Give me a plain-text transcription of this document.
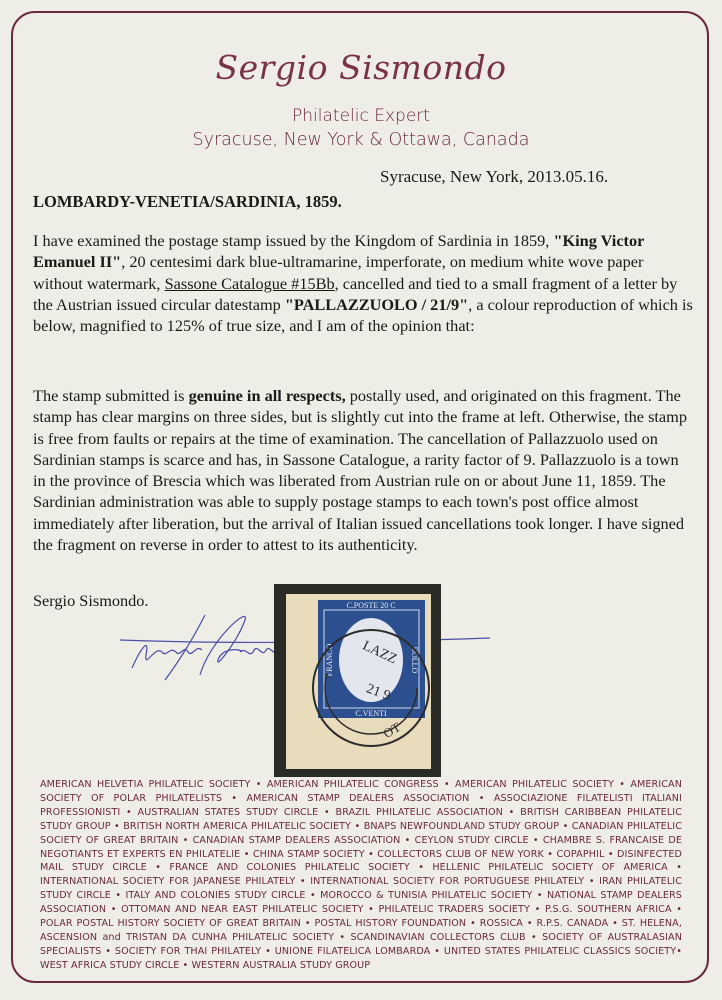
Sergio Sismondo
Philatelic Expert
Syracuse, New York & Ottawa, Canada
Syracuse, New York, 2013.05.16.
LOMBARDY-VENETIA/SARDINIA, 1859.
I have examined the postage stamp issued by the Kingdom of Sardinia in 1859, "King Victor Emanuel II", 20 centesimi dark blue-ultramarine, imperforate, on medium white wove paper without watermark, Sassone Catalogue #15Bb, cancelled and tied to a small fragment of a letter by the Austrian issued circular datestamp "PALLAZZUOLO / 21/9", a colour reproduction of which is below, magnified to 125% of true size, and I am of the opinion that:
The stamp submitted is genuine in all respects, postally used, and originated on this fragment. The stamp has clear margins on three sides, but is slightly cut into the frame at left. Otherwise, the stamp is free from faults or repairs at the time of examination. The cancellation of Pallazzuolo used on Sardinian stamps is scarce and has, in Sassone Catalogue, a rarity factor of 9. Pallazzuolo is a town in the province of Brescia which was liberated from Austrian rule on or about June 11, 1859. The Sardinian administration was able to supply postage stamps to each town's post office almost immediately after liberation, but the arrival of Italian issued cancellations took longer. I have signed the fragment on reverse in order to attest to its authenticity.
Sergio Sismondo.	C.POSTE 20 C
C.VENTI
FRANCO	BOLLO
LAZZ
21 9
OT
AMERICAN HELVETIA PHILATELIC SOCIETY • AMERICAN PHILATELIC CONGRESS • AMERICAN PHILATELIC SOCIETY • AMERICAN SOCIETY OF POLAR PHILATELISTS • AMERICAN STAMP DEALERS ASSOCIATION • ASSOCIAZIONE FILATELISTI ITALIANI PROFESSIONISTI • AUSTRALIAN STATES STUDY CIRCLE • BRAZIL PHILATELIC ASSOCIATION • BRITISH CARIBBEAN PHILATELIC STUDY GROUP • BRITISH NORTH AMERICA PHILATELIC SOCIETY • BNAPS NEWFOUNDLAND STUDY GROUP • CANADIAN PHILATELIC SOCIETY OF GREAT BRITAIN • CANADIAN STAMP DEALERS ASSOCIATION • CEYLON STUDY CIRCLE • CHAMBRE S. FRANCAISE DE NEGOTIANTS ET EXPERTS EN PHILATELIE • CHINA STAMP SOCIETY • COLLECTORS CLUB OF NEW YORK • COPAPHIL • DISINFECTED MAIL STUDY CIRCLE • FRANCE AND COLONIES PHILATELIC SOCIETY • HELLENIC PHILATELIC SOCIETY OF AMERICA • INTERNATIONAL SOCIETY FOR JAPANESE PHILATELY • INTERNATIONAL SOCIETY FOR PORTUGUESE PHILATELY • IRAN PHILATELIC STUDY CIRCLE • ITALY AND COLONIES STUDY CIRCLE • MOROCCO & TUNISIA PHILATELIC SOCIETY • NATIONAL STAMP DEALERS ASSOCIATION • OTTOMAN AND NEAR EAST PHILATELIC SOCIETY • PHILATELIC TRADERS SOCIETY • P.S.G. SOUTHERN AFRICA • POLAR POSTAL HISTORY SOCIETY OF GREAT BRITAIN • POSTAL HISTORY FOUNDATION • ROSSICA • R.P.S. CANADA • ST. HELENA, ASCENSION and TRISTAN DA CUNHA PHILATELIC SOCIETY • SCANDINAVIAN COLLECTORS CLUB • SOCIETY OF AUSTRALASIAN SPECIALISTS • SOCIETY FOR THAI PHILATELY • UNIONE FILATELICA LOMBARDA • UNITED STATES PHILATELIC CLASSICS SOCIETY• WEST AFRICA STUDY CIRCLE • WESTERN AUSTRALIA STUDY GROUP
